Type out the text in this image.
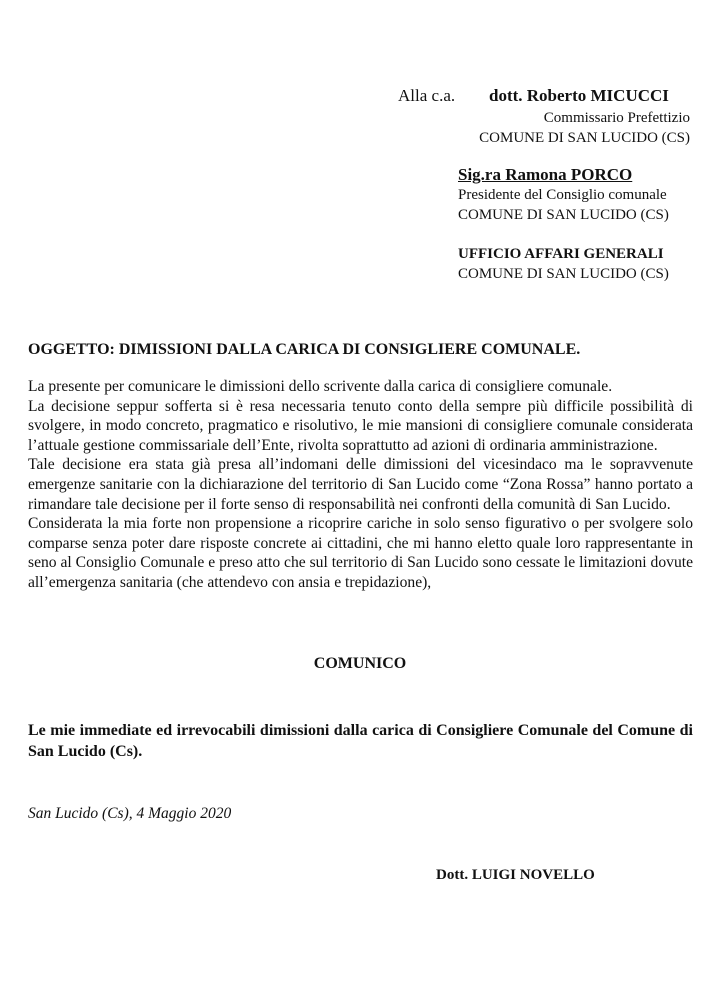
Alla c.a. dott. Roberto MICUCCI
Commissario Prefettizio
COMUNE DI SAN LUCIDO (CS)
Sig.ra Ramona PORCO
Presidente del Consiglio comunale
COMUNE DI SAN LUCIDO (CS)
UFFICIO AFFARI GENERALI
COMUNE DI SAN LUCIDO (CS)
OGGETTO: DIMISSIONI DALLA CARICA DI CONSIGLIERE COMUNALE.

La presente per comunicare le dimissioni dello scrivente dalla carica di consigliere comunale.

La decisione seppur sofferta si è resa necessaria tenuto conto della sempre più difficile possibilità di svolgere, in modo concreto, pragmatico e risolutivo, le mie mansioni di consigliere comunale considerata l’attuale gestione commissariale dell’Ente, rivolta soprattutto ad azioni di ordinaria amministrazione.

Tale decisione era stata già presa all’indomani delle dimissioni del vicesindaco ma le sopravvenute emergenze sanitarie con la dichiarazione del territorio di San Lucido come “Zona Rossa” hanno portato a rimandare tale decisione per il forte senso di responsabilità nei confronti della comunità di San Lucido.

Considerata la mia forte non propensione a ricoprire cariche in solo senso figurativo o per svolgere solo comparse senza poter dare risposte concrete ai cittadini, che mi hanno eletto quale loro rappresentante in seno al Consiglio Comunale e preso atto che sul territorio di San Lucido sono cessate le limitazioni dovute all’emergenza sanitaria (che attendevo con ansia e trepidazione),

COMUNICO
Le mie immediate ed irrevocabili dimissioni dalla carica di Consigliere Comunale del Comune di San Lucido (Cs).
San Lucido (Cs), 4 Maggio 2020
Dott. LUIGI NOVELLO
